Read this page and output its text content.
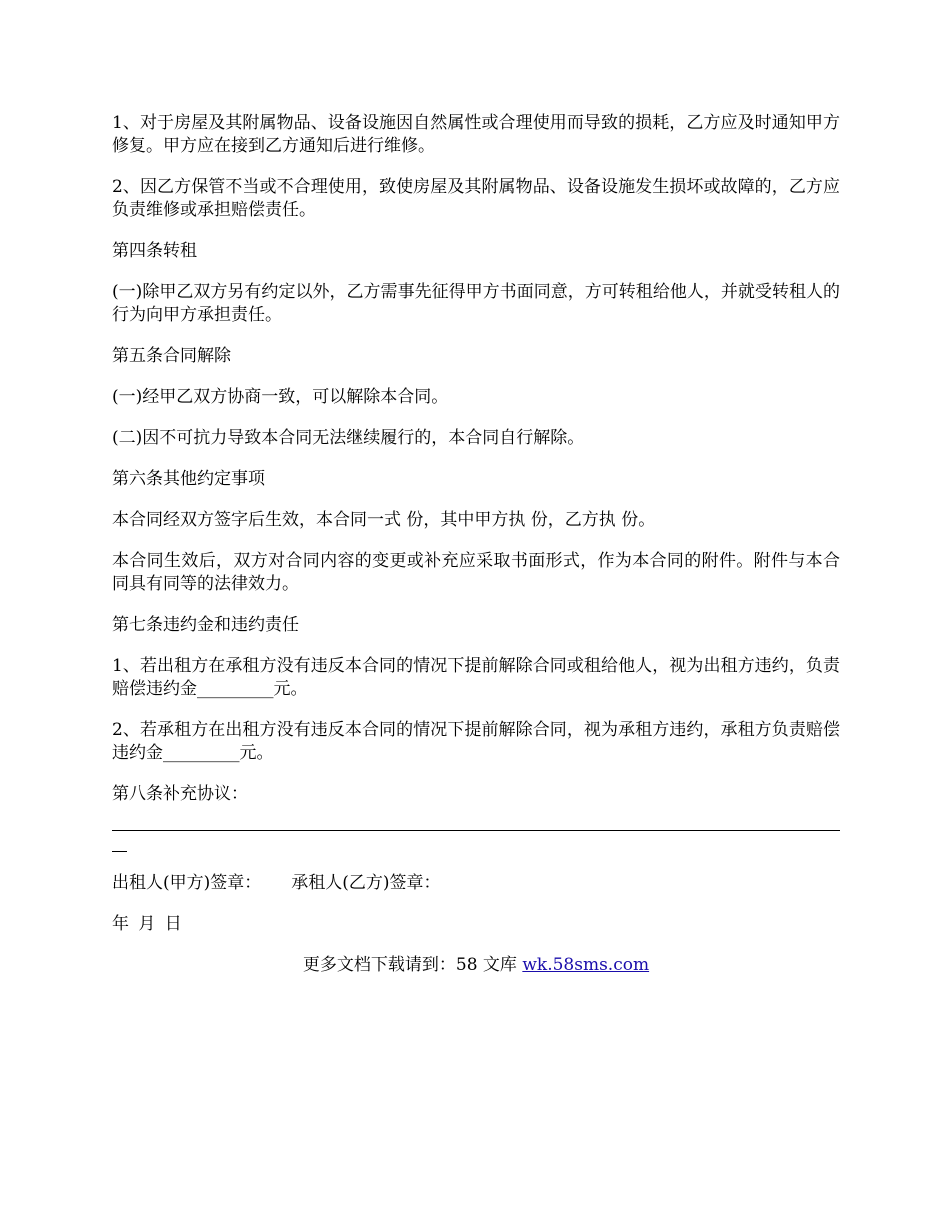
1、对于房屋及其附属物品、设备设施因自然属性或合理使用而导致的损耗，乙方应及时通知甲方修复。甲方应在接到乙方通知后进行维修。

2、因乙方保管不当或不合理使用，致使房屋及其附属物品、设备设施发生损坏或故障的，乙方应负责维修或承担赔偿责任。

第四条转租

(一)除甲乙双方另有约定以外，乙方需事先征得甲方书面同意，方可转租给他人，并就受转租人的行为向甲方承担责任。

第五条合同解除

(一)经甲乙双方协商一致，可以解除本合同。

(二)因不可抗力导致本合同无法继续履行的，本合同自行解除。

第六条其他约定事项

本合同经双方签字后生效，本合同一式 份，其中甲方执 份，乙方执 份。

本合同生效后，双方对合同内容的变更或补充应采取书面形式，作为本合同的附件。附件与本合同具有同等的法律效力。

第七条违约金和违约责任

1、若出租方在承租方没有违反本合同的情况下提前解除合同或租给他人，视为出租方违约，负责赔偿违约金_________元。

2、若承租方在出租方没有违反本合同的情况下提前解除合同，视为承租方违约，承租方负责赔偿违约金_________元。

第八条补充协议：

出租人(甲方)签章： 承租人(乙方)签章：

年 月 日

更多文档下载请到：58 文库 wk.58sms.com
